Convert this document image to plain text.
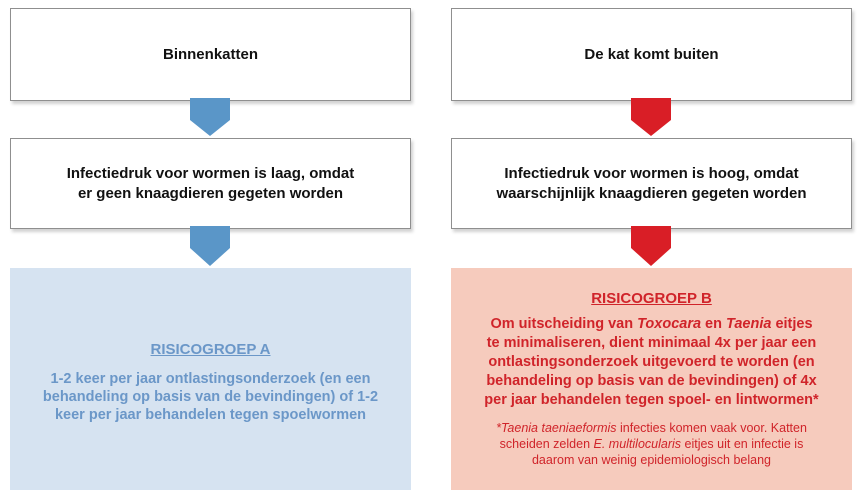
Binnenkatten
Infectiedruk voor wormen is laag, omdat
er geen knaagdieren gegeten worden
RISICOGROEP A
1-2 keer per jaar ontlastingsonderzoek (en een
behandeling op basis van de bevindingen) of 1-2
keer per jaar behandelen tegen spoelwormen
De kat komt buiten
Infectiedruk voor wormen is hoog, omdat
waarschijnlijk knaagdieren gegeten worden
RISICOGROEP B
Om uitscheiding van Toxocara en Taenia eitjes
te minimaliseren, dient minimaal 4x per jaar een
ontlastingsonderzoek uitgevoerd te worden (en
behandeling op basis van de bevindingen) of 4x
per jaar behandelen tegen spoel- en lintwormen*
*Taenia taeniaeformis infecties komen vaak voor. Katten
scheiden zelden E. multilocularis eitjes uit en infectie is
daarom van weinig epidemiologisch belang
